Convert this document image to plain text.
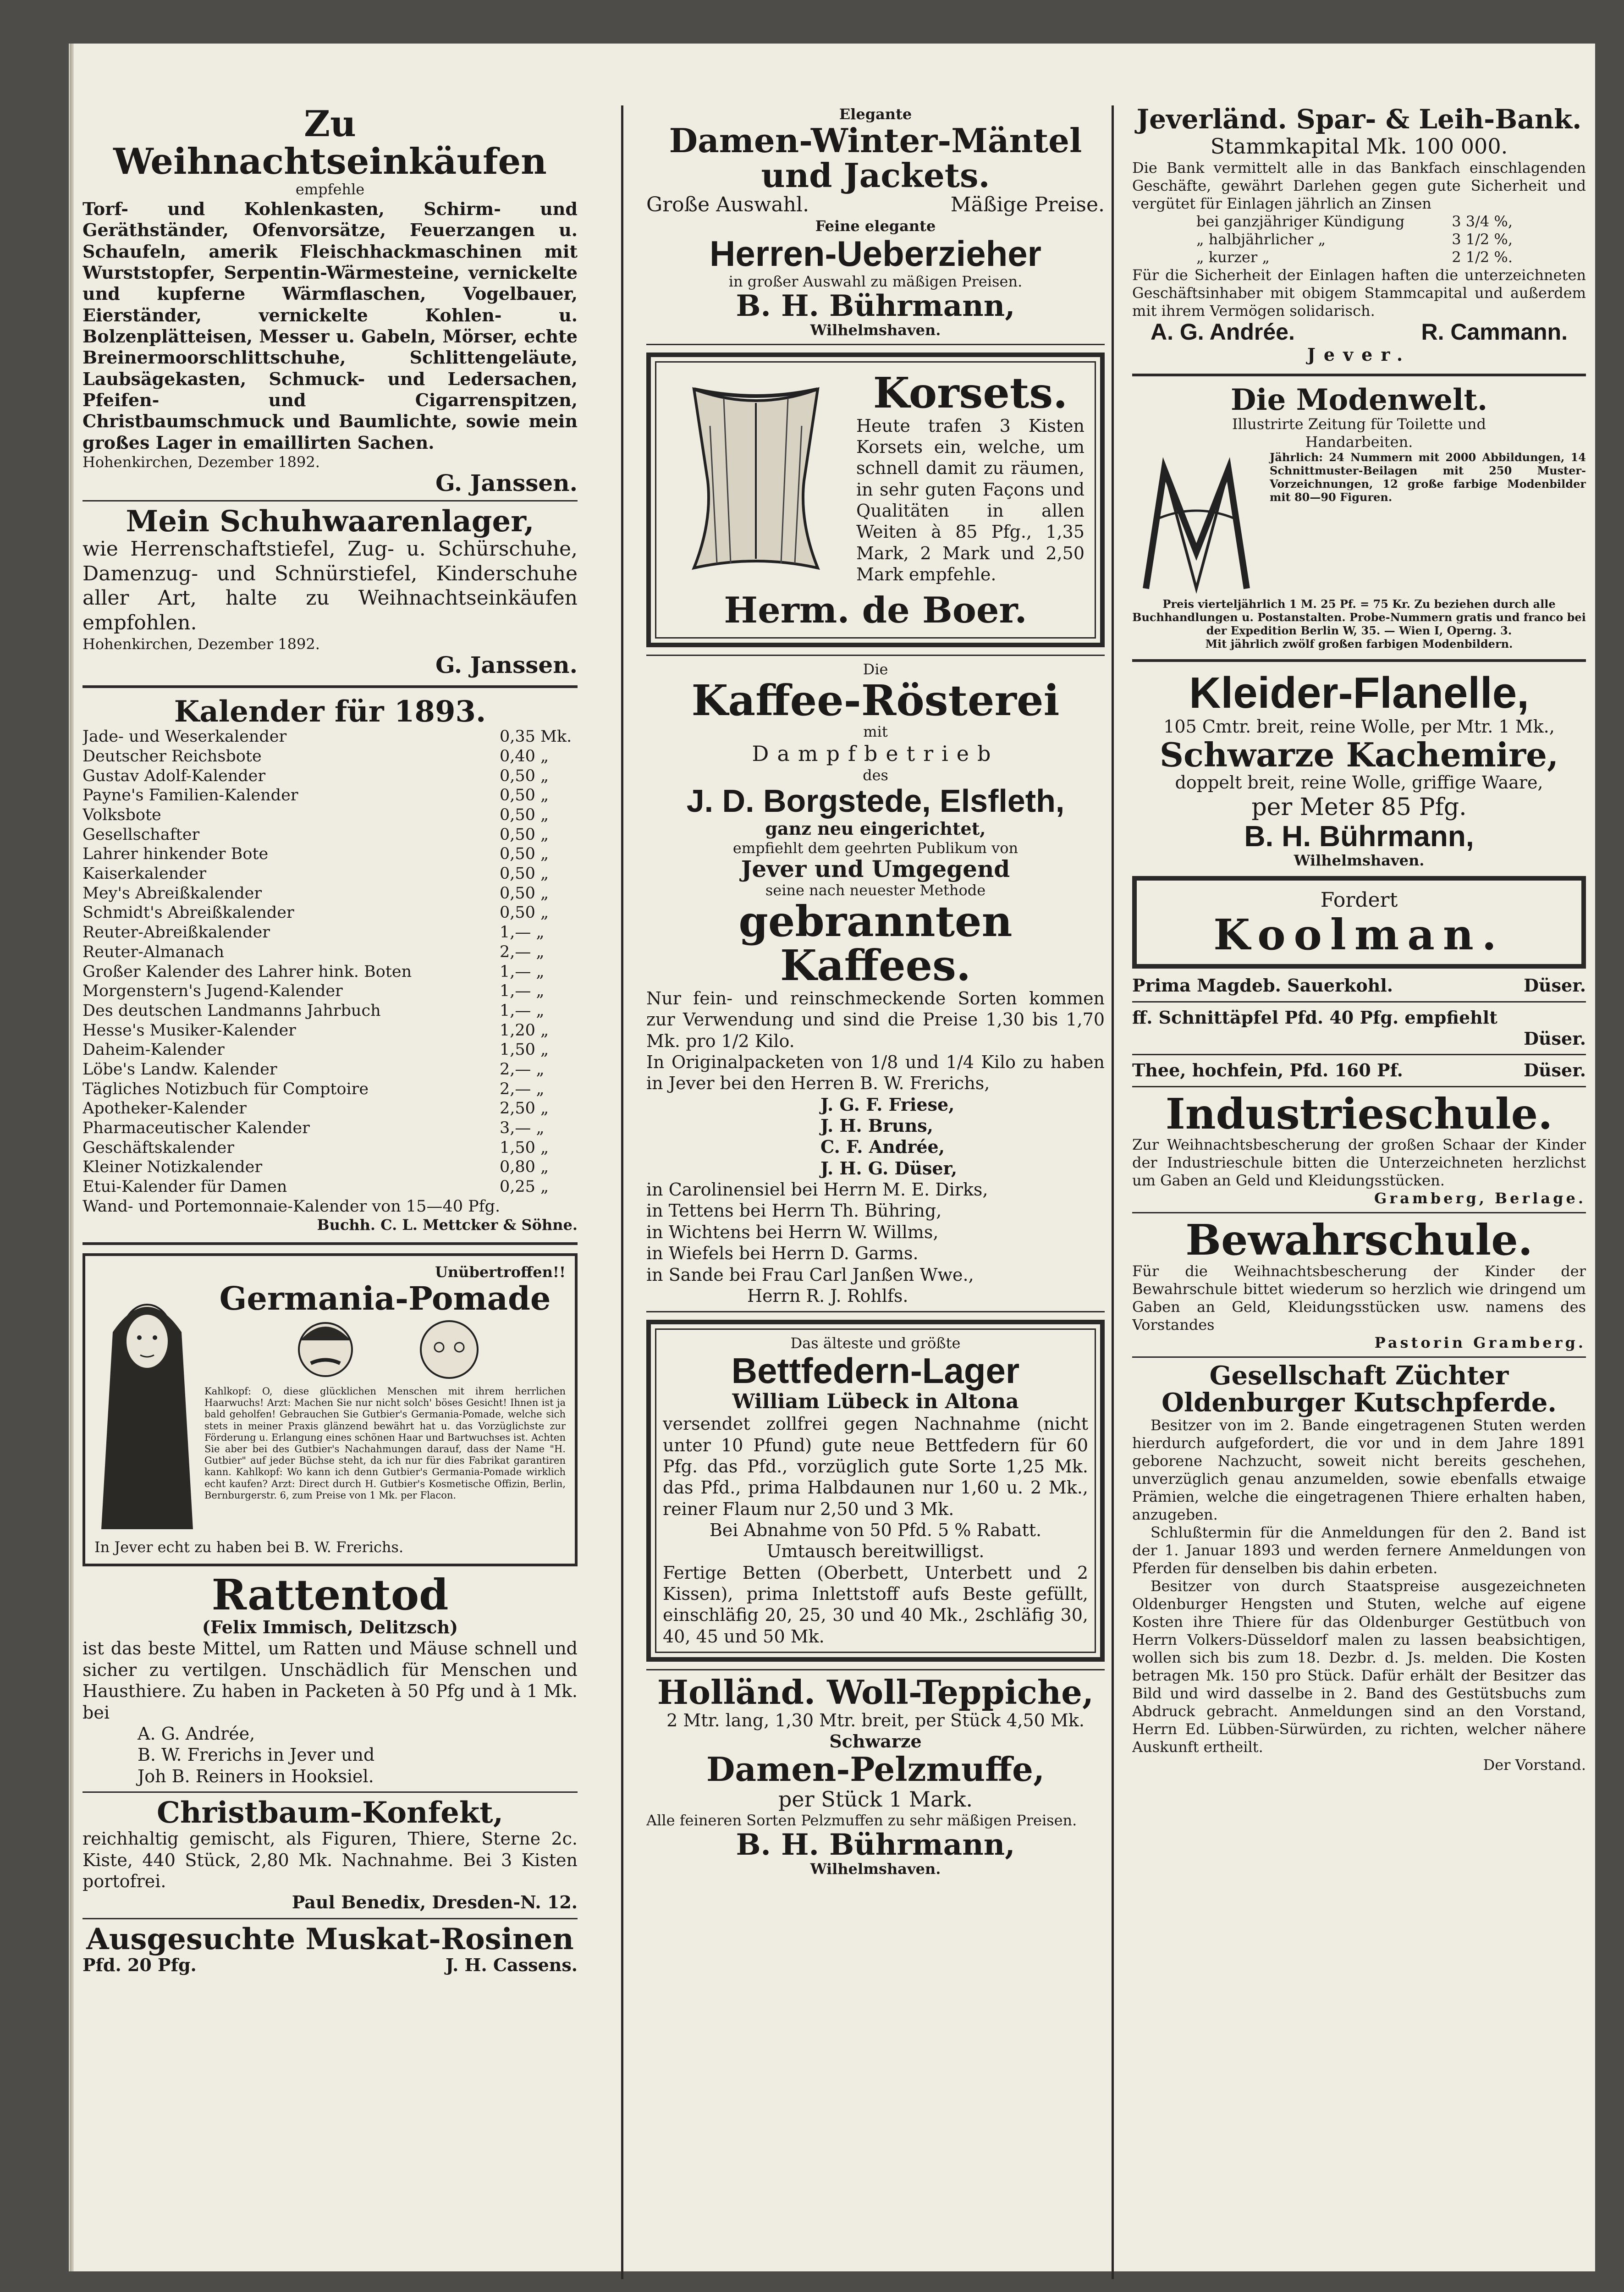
Zu Weihnachtseinkäufen

empfehle

Torf- und Kohlenkasten, Schirm- und Geräthständer, Ofenvorsätze, Feuerzangen u. Schaufeln, amerik Fleischhackmaschinen mit Wurststopfer, Serpentin-Wärmesteine, vernickelte und kupferne Wärmflaschen, Vogelbauer, Eierständer, vernickelte Kohlen- u. Bolzenplätteisen, Messer u. Gabeln, Mörser, echte Breinermoorschlittschuhe, Schlittengeläute, Laubsägekasten, Schmuck- und Ledersachen, Pfeifen- und Cigarrenspitzen, Christbaumschmuck und Baumlichte, sowie mein großes Lager in emaillirten Sachen.

Hohenkirchen, Dezember 1892.

G. Janssen.

Mein Schuhwaarenlager,

wie Herrenschaftstiefel, Zug- u. Schürschuhe, Damenzug- und Schnürstiefel, Kinderschuhe aller Art, halte zu Weihnachtseinkäufen empfohlen.

Hohenkirchen, Dezember 1892.

G. Janssen.

Kalender für 1893.

Jade- und Weserkalender	0,35 Mk.
Deutscher Reichsbote	0,40 „
Gustav Adolf-Kalender	0,50 „
Payne's Familien-Kalender	0,50 „
Volksbote	0,50 „
Gesellschafter	0,50 „
Lahrer hinkender Bote	0,50 „
Kaiserkalender	0,50 „
Mey's Abreißkalender	0,50 „
Schmidt's Abreißkalender	0,50 „
Reuter-Abreißkalender	1,— „
Reuter-Almanach	2,— „
Großer Kalender des Lahrer hink. Boten	1,— „
Morgenstern's Jugend-Kalender	1,— „
Des deutschen Landmanns Jahrbuch	1,— „
Hesse's Musiker-Kalender	1,20 „
Daheim-Kalender	1,50 „
Löbe's Landw. Kalender	2,— „
Tägliches Notizbuch für Comptoire	2,— „
Apotheker-Kalender	2,50 „
Pharmaceutischer Kalender	3,— „
Geschäftskalender	1,50 „
Kleiner Notizkalender	0,80 „
Etui-Kalender für Damen	0,25 „

Wand- und Portemonnaie-Kalender von 15—40 Pfg.

Buchh. C. L. Mettcker & Söhne.

Unübertroffen!!

Germania-Pomade

Kahlkopf: O, diese glücklichen Menschen mit ihrem herrlichen Haarwuchs! Arzt: Machen Sie nur nicht solch' böses Gesicht! Ihnen ist ja bald geholfen! Gebrauchen Sie Gutbier's Germania-Pomade, welche sich stets in meiner Praxis glänzend bewährt hat u. das Vorzüglichste zur Förderung u. Erlangung eines schönen Haar und Bartwuchses ist. Achten Sie aber bei des Gutbier's Nachahmungen darauf, dass der Name "H. Gutbier" auf jeder Büchse steht, da ich nur für dies Fabrikat garantiren kann. Kahlkopf: Wo kann ich denn Gutbier's Germania-Pomade wirklich echt kaufen? Arzt: Direct durch H. Gutbier's Kosmetische Offizin, Berlin, Bernburgerstr. 6, zum Preise von 1 Mk. per Flacon.

In Jever echt zu haben bei B. W. Frerichs.

Rattentod

(Felix Immisch, Delitzsch)

ist das beste Mittel, um Ratten und Mäuse schnell und sicher zu vertilgen. Unschädlich für Menschen und Hausthiere. Zu haben in Packeten à 50 Pfg und à 1 Mk. bei

A. G. Andrée,

B. W. Frerichs in Jever und

Joh B. Reiners in Hooksiel.

Christbaum-Konfekt,

reichhaltig gemischt, als Figuren, Thiere, Sterne 2c. Kiste, 440 Stück, 2,80 Mk. Nachnahme. Bei 3 Kisten portofrei.

Paul Benedix, Dresden-N. 12.

Ausgesuchte Muskat-Rosinen

Pfd. 20 Pfg.	J. H. Cassens.

Elegante

Damen-Winter-Mäntel und Jackets.

Große Auswahl.	Mäßige Preise.

Feine elegante

Herren-Ueberzieher

in großer Auswahl zu mäßigen Preisen.

B. H. Bührmann,

Wilhelmshaven.

Korsets.

Heute trafen 3 Kisten Korsets ein, welche, um schnell damit zu räumen, in sehr guten Façons und Qualitäten in allen Weiten à 85 Pfg., 1,35 Mark, 2 Mark und 2,50 Mark empfehle.

Herm. de Boer.

Die

Kaffee-Rösterei

mit

Dampfbetrieb

des

J. D. Borgstede, Elsfleth,

ganz neu eingerichtet,

empfiehlt dem geehrten Publikum von

Jever und Umgegend

seine nach neuester Methode

gebrannten Kaffees.

Nur fein- und reinschmeckende Sorten kommen zur Verwendung und sind die Preise 1,30 bis 1,70 Mk. pro 1/2 Kilo.

In Originalpacketen von 1/8 und 1/4 Kilo zu haben in Jever bei den Herren B. W. Frerichs,

J. G. F. Friese,

J. H. Bruns,

C. F. Andrée,

J. H. G. Düser,

in Carolinensiel bei Herrn M. E. Dirks,

in Tettens bei Herrn Th. Bühring,

in Wichtens bei Herrn W. Willms,

in Wiefels bei Herrn D. Garms.

in Sande bei Frau Carl Janßen Wwe.,

Herrn R. J. Rohlfs.

Das älteste und größte

Bettfedern-Lager

William Lübeck in Altona

versendet zollfrei gegen Nachnahme (nicht unter 10 Pfund) gute neue Bettfedern für 60 Pfg. das Pfd., vorzüglich gute Sorte 1,25 Mk. das Pfd., prima Halbdaunen nur 1,60 u. 2 Mk., reiner Flaum nur 2,50 und 3 Mk.

Bei Abnahme von 50 Pfd. 5 % Rabatt.

Umtausch bereitwilligst.

Fertige Betten (Oberbett, Unterbett und 2 Kissen), prima Inlettstoff aufs Beste gefüllt, einschläfig 20, 25, 30 und 40 Mk., 2schläfig 30, 40, 45 und 50 Mk.

Holländ. Woll-Teppiche,

2 Mtr. lang, 1,30 Mtr. breit, per Stück 4,50 Mk.

Schwarze

Damen-Pelzmuffe,

per Stück 1 Mark.

Alle feineren Sorten Pelzmuffen zu sehr mäßigen Preisen.

B. H. Bührmann,

Wilhelmshaven.

Jeverländ. Spar- & Leih-Bank.

Stammkapital Mk. 100 000.

Die Bank vermittelt alle in das Bankfach einschlagenden Geschäfte, gewährt Darlehen gegen gute Sicherheit und vergütet für Einlagen jährlich an Zinsen

bei ganzjähriger Kündigung	3 3/4 %,
„ halbjährlicher „	3 1/2 %,
„ kurzer „	2 1/2 %.

Für die Sicherheit der Einlagen haften die unterzeichneten Geschäftsinhaber mit obigem Stammcapital und außerdem mit ihrem Vermögen solidarisch.

A. G. Andrée.	R. Cammann.

Jever.

Die Modenwelt.

Illustrirte Zeitung für Toilette und Handarbeiten.

Jährlich: 24 Nummern mit 2000 Abbildungen, 14 Schnittmuster-Beilagen mit 250 Muster-Vorzeichnungen, 12 große farbige Modenbilder mit 80—90 Figuren.

Preis vierteljährlich 1 M. 25 Pf. = 75 Kr. Zu beziehen durch alle Buchhandlungen u. Postanstalten. Probe-Nummern gratis und franco bei der Expedition Berlin W, 35. — Wien I, Operng. 3.

Mit jährlich zwölf großen farbigen Modenbildern.

Kleider-Flanelle,

105 Cmtr. breit, reine Wolle, per Mtr. 1 Mk.,

Schwarze Kachemire,

doppelt breit, reine Wolle, griffige Waare,

per Meter 85 Pfg.

B. H. Bührmann,

Wilhelmshaven.

Fordert

Koolman.

Prima Magdeb. Sauerkohl.	Düser.

ff. Schnittäpfel Pfd. 40 Pfg. empfiehlt

Düser.

Thee, hochfein, Pfd. 160 Pf.	Düser.

Industrieschule.

Zur Weihnachtsbescherung der großen Schaar der Kinder der Industrieschule bitten die Unterzeichneten herzlichst um Gaben an Geld und Kleidungsstücken.

Gramberg, Berlage.

Bewahrschule.

Für die Weihnachtsbescherung der Kinder der Bewahrschule bittet wiederum so herzlich wie dringend um Gaben an Geld, Kleidungsstücken usw. namens des Vorstandes

Pastorin Gramberg.

Gesellschaft Züchter Oldenburger Kutschpferde.

Besitzer von im 2. Bande eingetragenen Stuten werden hierdurch aufgefordert, die vor und in dem Jahre 1891 geborene Nachzucht, soweit nicht bereits geschehen, unverzüglich genau anzumelden, sowie ebenfalls etwaige Prämien, welche die eingetragenen Thiere erhalten haben, anzugeben.

Schlußtermin für die Anmeldungen für den 2. Band ist der 1. Januar 1893 und werden fernere Anmeldungen von Pferden für denselben bis dahin erbeten.

Besitzer von durch Staatspreise ausgezeichneten Oldenburger Hengsten und Stuten, welche auf eigene Kosten ihre Thiere für das Oldenburger Gestütbuch von Herrn Volkers-Düsseldorf malen zu lassen beabsichtigen, wollen sich bis zum 18. Dezbr. d. Js. melden. Die Kosten betragen Mk. 150 pro Stück. Dafür erhält der Besitzer das Bild und wird dasselbe in 2. Band des Gestütsbuchs zum Abdruck gebracht. Anmeldungen sind an den Vorstand, Herrn Ed. Lübben-Sürwürden, zu richten, welcher nähere Auskunft ertheilt.

Der Vorstand.
